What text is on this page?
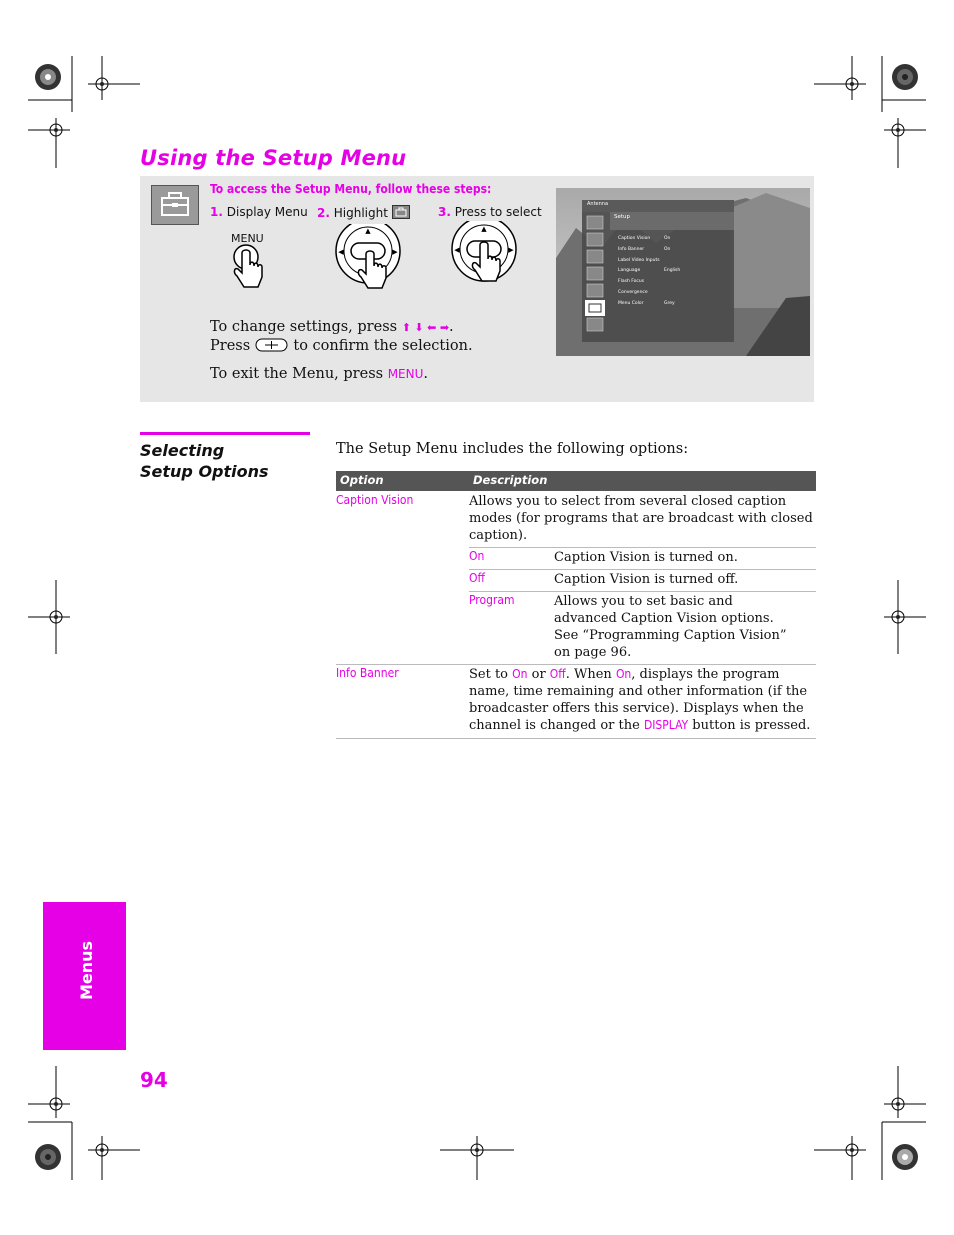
Using the Setup Menu
To access the Setup Menu, follow these steps:
1. Display Menu 2. Highlight	3. Press to select
MENU
▲
◀	▶
▲
◀	▶
To change settings, press ⬆ ⬇ ⬅ ➡.
Press	to confirm the selection.
To exit the Menu, press MENU.
Antenna
Setup
Caption Vision	On
Info Banner	On
Label Video Inputs
Language	English
Flash Focus
Convergence
Menu Color	Grey
Selecting
Setup Options
The Setup Menu includes the following options:
Option	Description
Caption Vision	Allows you to select from several closed caption modes (for programs that are broadcast with closed caption).
On	Caption Vision is turned on.
Off	Caption Vision is turned off.
Program	Allows you to set basic and advanced Caption Vision options. See “Programming Caption Vision” on page 96.
Info Banner	Set to On or Off. When On, displays the program name, time remaining and other information (if the broadcaster offers this service). Displays when the channel is changed or the DISPLAY button is pressed.
Menus
94
